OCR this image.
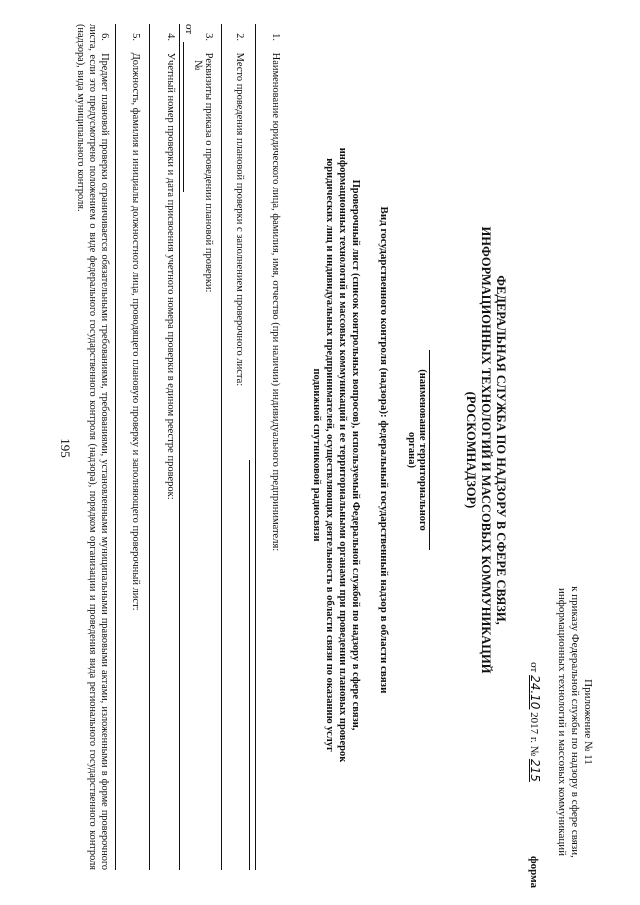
195
Приложение № 11
к приказу Федеральной службы по надзору в сфере связи,
информационных технологий и массовых коммуникаций
от 24.10 2017 г. № 215
форма
ФЕДЕРАЛЬНАЯ СЛУЖБА ПО НАДЗОРУ В СФЕРЕ СВЯЗИ,
ИНФОРМАЦИОННЫХ ТЕХНОЛОГИЙ И МАССОВЫХ КОММУНИКАЦИЙ
(РОСКОМНАДЗОР)
(наименование территориального органа)
Вид государственного контроля (надзора): федеральный государственный надзор в области связи
Проверочный лист (список контрольных вопросов), используемый Федеральной службой по надзору в сфере связи,
информационных технологий и массовых коммуникаций и ее территориальными органами при проведении плановых проверок
юридических лиц и индивидуальных предпринимателей, осуществляющих деятельность в области связи по оказанию услуг
подвижной спутниковой радиосвязи
1. Наименование юридического лица, фамилия, имя, отчество (при наличии) индивидуального предпринимателя:
2. Место проведения плановой проверки с заполнением проверочного листа:
3. Реквизиты приказа о проведении плановой проверки:
от
№
4. Учетный номер проверки и дата присвоения учетного номера проверки в едином реестре проверок:
5. Должность, фамилия и инициалы должностного лица, проводящего плановую проверку и заполняющего проверочный лист:
6. Предмет плановой проверки ограничивается обязательными требованиями, требованиями, установленными муниципальными правовыми актами, изложенными в форме проверочного листа, если это предусмотрено положением о виде федерального государственного контроля (надзора), порядком организации и проведения вида регионального государственного контроля (надзора), вида муниципального контроля.
